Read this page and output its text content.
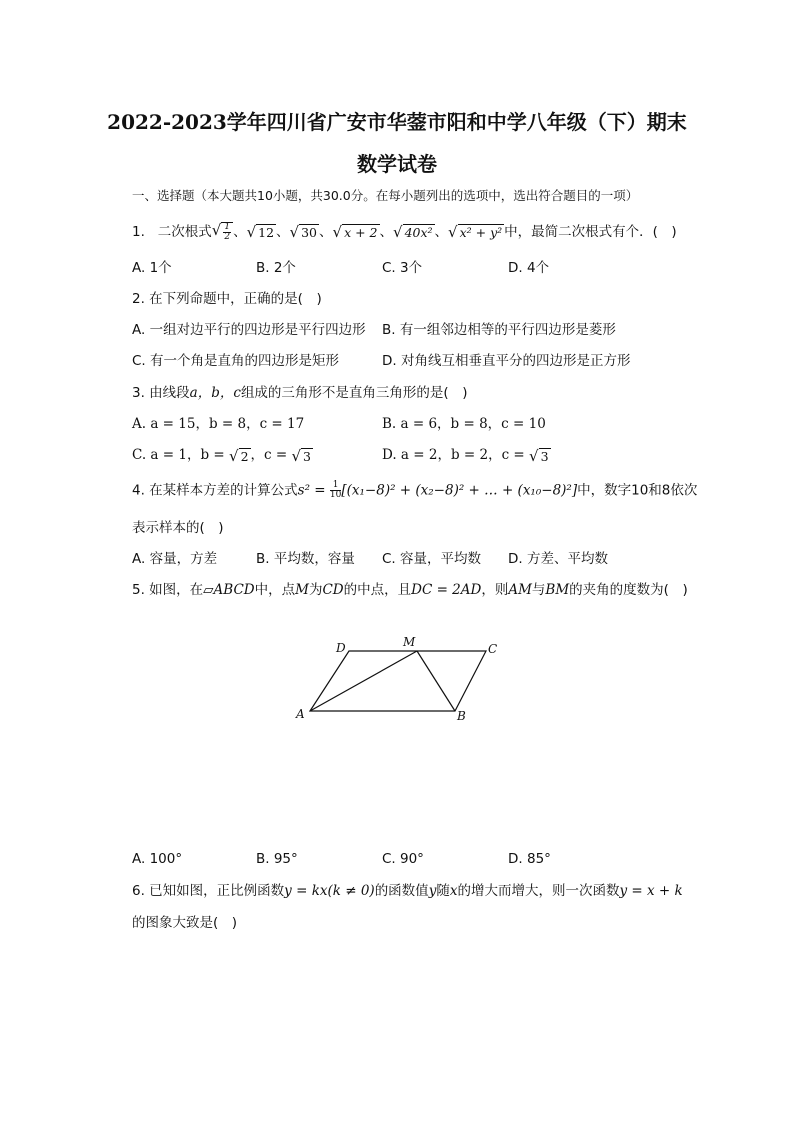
2022-2023学年四川省广安市华蓥市阳和中学八年级（下）期末
数学试卷
一、选择题（本大题共10小题，共30.0分。在每小题列出的选项中，选出符合题目的一项）
1. 二次根式 √ $\frac{1}{2}$ 、 √ 12 、 √ 30 、 √ x + 2 、 √ 40x² 、 √ x² + y² 中，最简二次根式有个．(　)
A. 1个	B. 2个	C. 3个	D. 4个
2. 在下列命题中，正确的是(　)
A. 一组对边平行的四边形是平行四边形 B. 有一组邻边相等的平行四边形是菱形
C. 有一个角是直角的四边形是矩形	D. 对角线互相垂直平分的四边形是正方形
3. 由线段a，b，c组成的三角形不是直角三角形的是(　)
A. a = 15，b = 8，c = 17	B. a = 6，b = 8，c = 10
C. a = 1，b = √ 2 ，c = √ 3	D. a = 2，b = 2，c = √ 3
4. 在某样本方差的计算公式$s^2 = \frac{1}{10} [(x_1-8)^2 + (x_2-8)^2$ + … + (x₁₀−8)²]中，数字10和8依次
表示样本的(　)
A. 容量，方差	B. 平均数，容量 C. 容量，平均数 D. 方差、平均数
5. 如图，在▱ABCD中，点M为CD的中点，且DC = 2AD，则AM与BM的夹角的度数为(　)
A	B
C
D	M
A. 100°	B. 95°	C. 90°	D. 85°
6. 已知如图，正比例函数y = kx(k ≠ 0)的函数值y随x的增大而增大，则一次函数y = x + k
的图象大致是(　)
